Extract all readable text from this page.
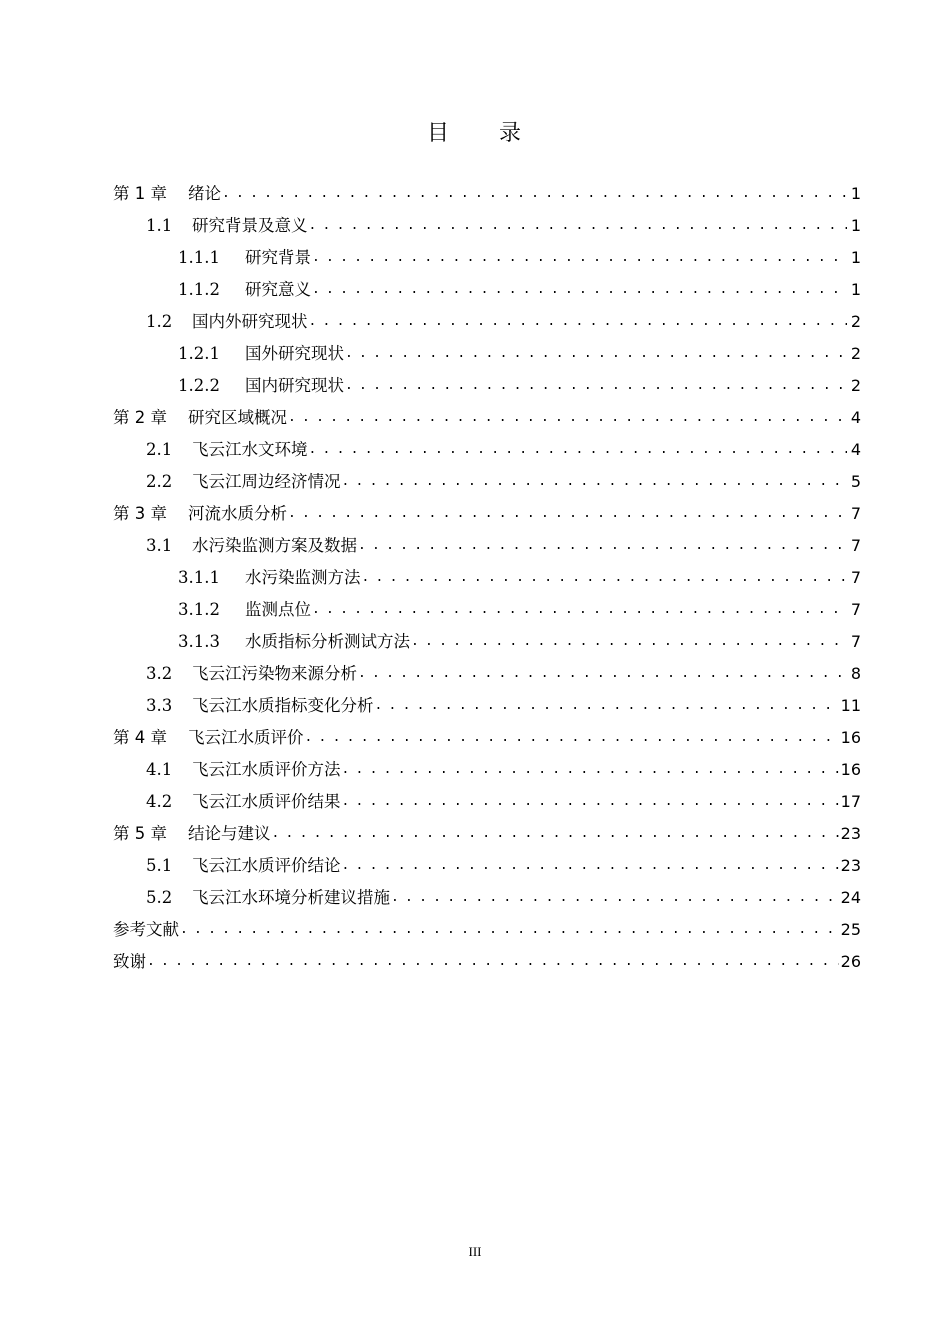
目 录
第 1 章	绪论 . . .	1
1.1	研究背景及意义 . . .	1
1.1.1	研究背景 . . .	1
1.1.2	研究意义 . . .	1
1.2	国内外研究现状 . . .	2
1.2.1	国外研究现状 . . .	2
1.2.2	国内研究现状 . . .	2
第 2 章	研究区域概况 . . .	4
2.1	飞云江水文环境 . . .	4
2.2	飞云江周边经济情况 . . .	5
第 3 章	河流水质分析 . . .	7
3.1	水污染监测方案及数据 . . .	7
3.1.1	水污染监测方法 . . .	7
3.1.2	监测点位 . . .	7
3.1.3	水质指标分析测试方法 . . .	7
3.2	飞云江污染物来源分析 . . .	8
3.3	飞云江水质指标变化分析 . . .	11
第 4 章	飞云江水质评价 . . .	16
4.1	飞云江水质评价方法 . . .	16
4.2	飞云江水质评价结果 . . .	17
第 5 章	结论与建议 . . .	23
5.1	飞云江水质评价结论 . . .	23
5.2	飞云江水环境分析建议措施 . . .	24
参考文献 . . .	25
致谢 . . .	26
III
